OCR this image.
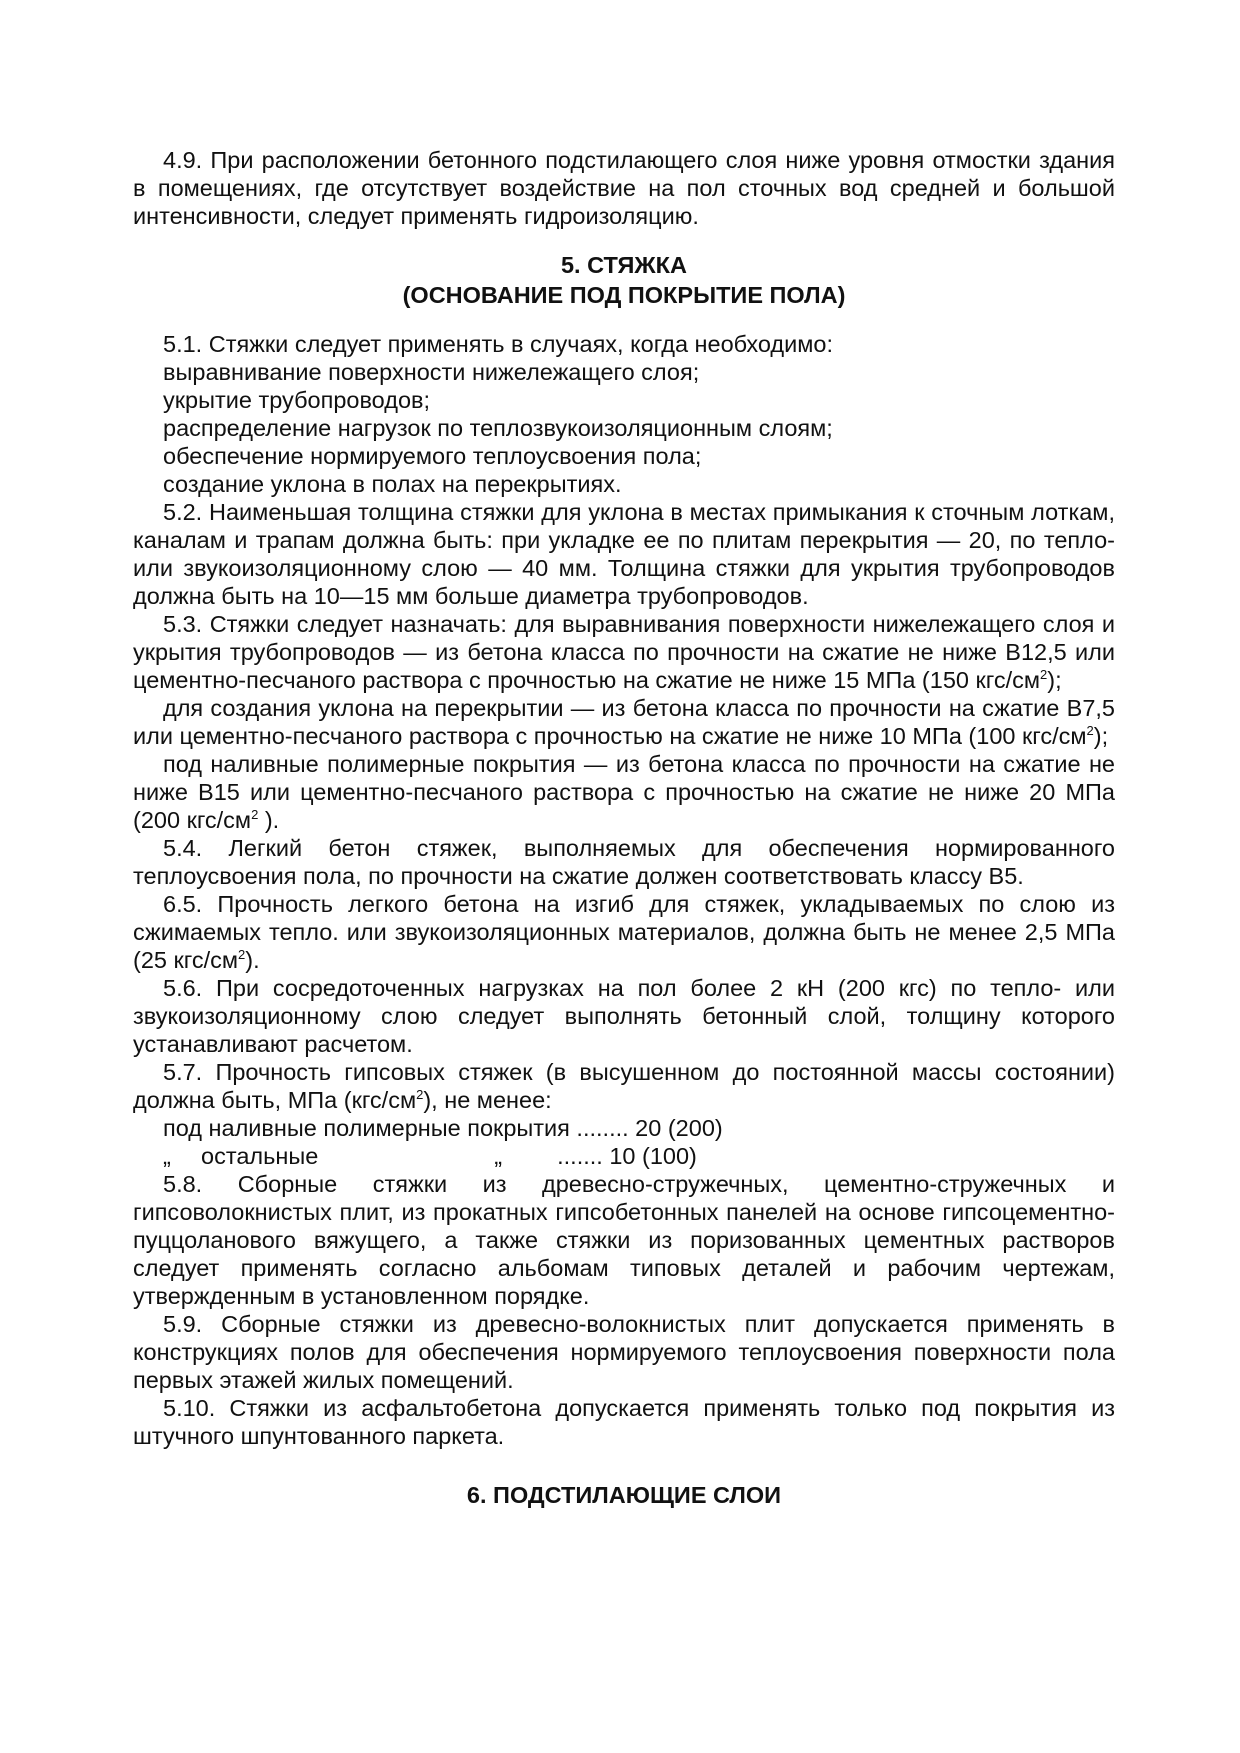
4.9. При расположении бетонного подстилающего слоя ниже уровня отмостки здания в помещениях, где отсутствует воздействие на пол сточных вод средней и большой интенсивности, следует применять гидроизоляцию.

5. СТЯЖКА
(ОСНОВАНИЕ ПОД ПОКРЫТИЕ ПОЛА)

5.1. Стяжки следует применять в случаях, когда необходимо:

выравнивание поверхности нижележащего слоя;

укрытие трубопроводов;

распределение нагрузок по теплозвукоизоляционным слоям;

обеспечение нормируемого теплоусвоения пола;

создание уклона в полах на перекрытиях.

5.2. Наименьшая толщина стяжки для уклона в местах примыкания к сточным лоткам, каналам и трапам должна быть: при укладке ее по плитам перекрытия — 20, по тепло- или звукоизоляционному слою — 40 мм. Толщина стяжки для укрытия трубопроводов должна быть на 10—15 мм больше диаметра трубопроводов.

5.3. Стяжки следует назначать: для выравнивания поверхности нижележащего слоя и укрытия трубопроводов — из бетона класса по прочности на сжатие не ниже В12,5 или цементно-песчаного раствора с прочностью на сжатие не ниже 15 МПа (150 кгс/$см^2$);

для создания уклона на перекрытии — из бетона класса по прочности на сжатие В7,5 или цементно-песчаного раствора с прочностью на сжатие не ниже 10 МПа (100 кгс/$см^2$);

под наливные полимерные покрытия — из бетона класса по прочности на сжатие не ниже В15 или цементно-песчаного раствора с прочностью на сжатие не ниже 20 МПа (200 кгс/$см^2$ ).

5.4. Легкий бетон стяжек, выполняемых для обеспечения нормированного теплоусвоения пола, по прочности на сжатие должен соответствовать классу В5.

6.5. Прочность легкого бетона на изгиб для стяжек, укладываемых по слою из сжимаемых тепло. или звукоизоляционных материалов, должна быть не менее 2,5 МПа (25 кгс/$см^2$).

5.6. При сосредоточенных нагрузках на пол более 2 кН (200 кгс) по тепло- или звукоизоляционному слою следует выполнять бетонный слой, толщину которого устанавливают расчетом.

5.7. Прочность гипсовых стяжек (в высушенном до постоянной массы состоянии) должна быть, МПа $(кгс/см^2)$, не менее:

под наливные полимерные покрытия ........ 20 (200)

„ остальные	„ ....... 10 (100)

5.8. Сборные стяжки из древесно-стружечных, цементно-стружечных и гипсоволокнистых плит, из прокатных гипсобетонных панелей на основе гипсоцементно-пуццоланового вяжущего, а также стяжки из поризованных цементных растворов следует применять согласно альбомам типовых деталей и рабочим чертежам, утвержденным в установленном порядке.

5.9. Сборные стяжки из древесно-волокнистых плит допускается применять в конструкциях полов для обеспечения нормируемого теплоусвоения поверхности пола первых этажей жилых помещений.

5.10. Стяжки из асфальтобетона допускается применять только под покрытия из штучного шпунтованного паркета.

6. ПОДСТИЛАЮЩИЕ СЛОИ
